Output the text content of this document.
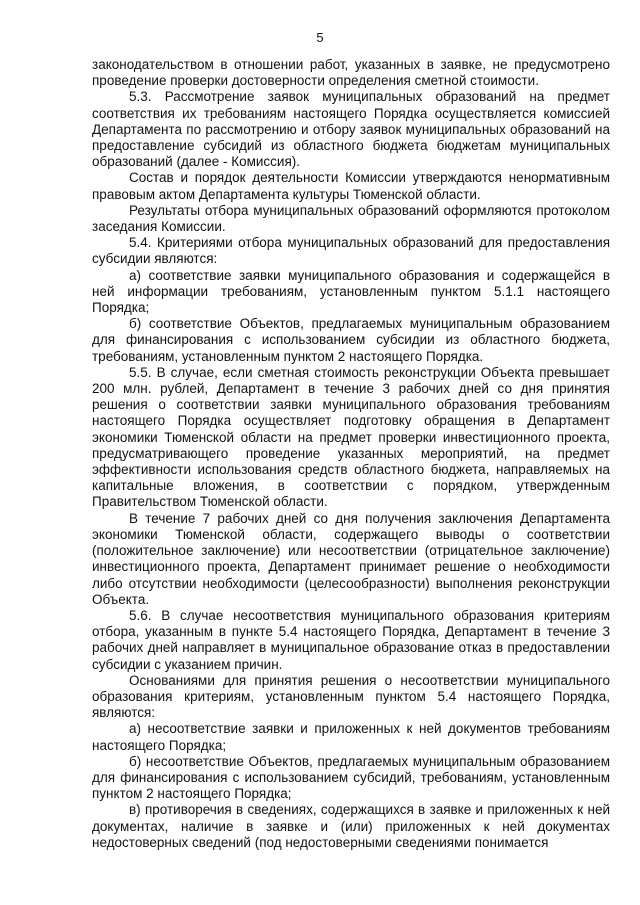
5

законодательством в отношении работ, указанных в заявке, не предусмотрено проведение проверки достоверности определения сметной стоимости.

5.3. Рассмотрение заявок муниципальных образований на предмет соответствия их требованиям настоящего Порядка осуществляется комиссией Департамента по рассмотрению и отбору заявок муниципальных образований на предоставление субсидий из областного бюджета бюджетам муниципальных образований (далее - Комиссия).

Состав и порядок деятельности Комиссии утверждаются ненормативным правовым актом Департамента культуры Тюменской области.

Результаты отбора муниципальных образований оформляются протоколом заседания Комиссии.

5.4. Критериями отбора муниципальных образований для предоставления субсидии являются:

а) соответствие заявки муниципального образования и содержащейся в ней информации требованиям, установленным пунктом 5.1.1 настоящего Порядка;

б) соответствие Объектов, предлагаемых муниципальным образованием для финансирования с использованием субсидии из областного бюджета, требованиям, установленным пунктом 2 настоящего Порядка.

5.5. В случае, если сметная стоимость реконструкции Объекта превышает 200 млн. рублей, Департамент в течение 3 рабочих дней со дня принятия решения о соответствии заявки муниципального образования требованиям настоящего Порядка осуществляет подготовку обращения в Департамент экономики Тюменской области на предмет проверки инвестиционного проекта, предусматривающего проведение указанных мероприятий, на предмет эффективности использования средств областного бюджета, направляемых на капитальные вложения, в соответствии с порядком, утвержденным Правительством Тюменской области.

В течение 7 рабочих дней со дня получения заключения Департамента экономики Тюменской области, содержащего выводы о соответствии (положительное заключение) или несоответствии (отрицательное заключение) инвестиционного проекта, Департамент принимает решение о необходимости либо отсутствии необходимости (целесообразности) выполнения реконструкции Объекта.

5.6. В случае несоответствия муниципального образования критериям отбора, указанным в пункте 5.4 настоящего Порядка, Департамент в течение 3 рабочих дней направляет в муниципальное образование отказ в предоставлении субсидии с указанием причин.

Основаниями для принятия решения о несоответствии муниципального образования критериям, установленным пунктом 5.4 настоящего Порядка, являются:

а) несоответствие заявки и приложенных к ней документов требованиям настоящего Порядка;

б) несоответствие Объектов, предлагаемых муниципальным образованием для финансирования с использованием субсидий, требованиям, установленным пунктом 2 настоящего Порядка;

в) противоречия в сведениях, содержащихся в заявке и приложенных к ней документах, наличие в заявке и (или) приложенных к ней документах недостоверных сведений (под недостоверными сведениями понимается
